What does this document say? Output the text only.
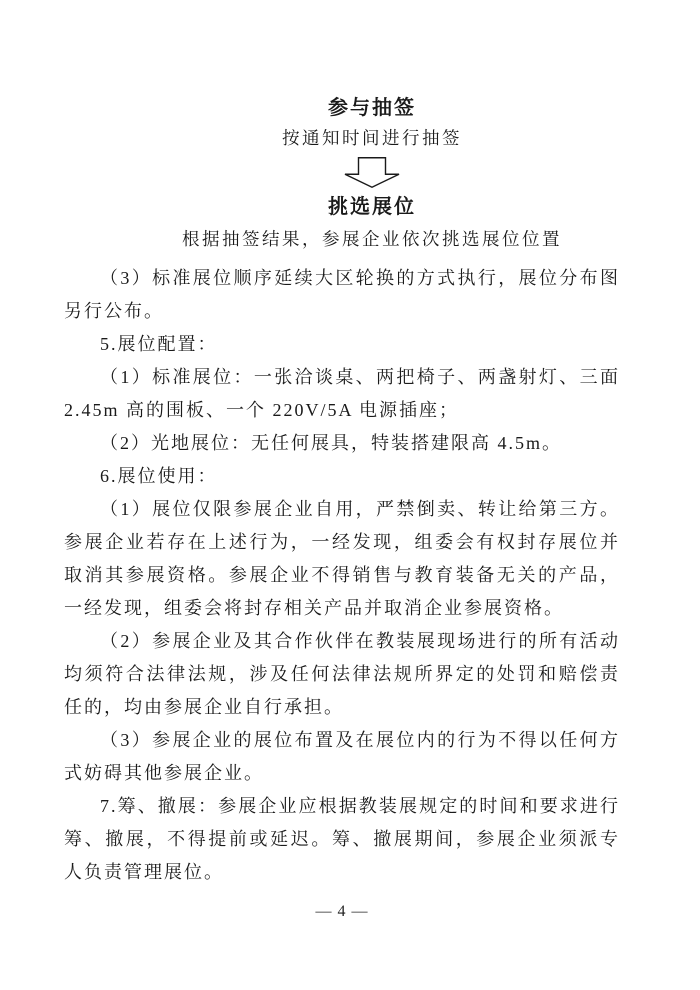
参与抽签
按通知时间进行抽签
挑选展位
根据抽签结果，参展企业依次挑选展位位置

（3）标准展位顺序延续大区轮换的方式执行，展位分布图另行公布。

5.展位配置：

（1）标准展位：一张洽谈桌、两把椅子、两盏射灯、三面 2.45m 高的围板、一个 220V/5A 电源插座；

（2）光地展位：无任何展具，特装搭建限高 4.5m。

6.展位使用：

（1）展位仅限参展企业自用，严禁倒卖、转让给第三方。参展企业若存在上述行为，一经发现，组委会有权封存展位并取消其参展资格。参展企业不得销售与教育装备无关的产品，一经发现，组委会将封存相关产品并取消企业参展资格。

（2）参展企业及其合作伙伴在教装展现场进行的所有活动均须符合法律法规，涉及任何法律法规所界定的处罚和赔偿责任的，均由参展企业自行承担。

（3）参展企业的展位布置及在展位内的行为不得以任何方式妨碍其他参展企业。

7.筹、撤展：参展企业应根据教装展规定的时间和要求进行筹、撤展，不得提前或延迟。筹、撤展期间，参展企业须派专人负责管理展位。

— 4 —
